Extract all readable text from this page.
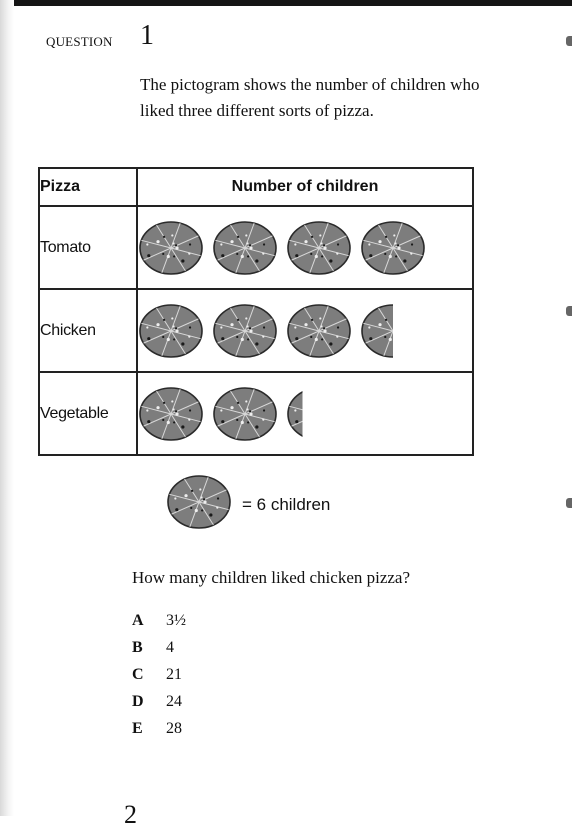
QUESTION 1
The pictogram shows the number of children who liked three different sorts of pizza.
Pizza	Number of children
Tomato	

Chicken	

Vegetable	
= 6 children
How many children liked chicken pizza?
A	3½
B	4
C	21
D	24
E	28
2
